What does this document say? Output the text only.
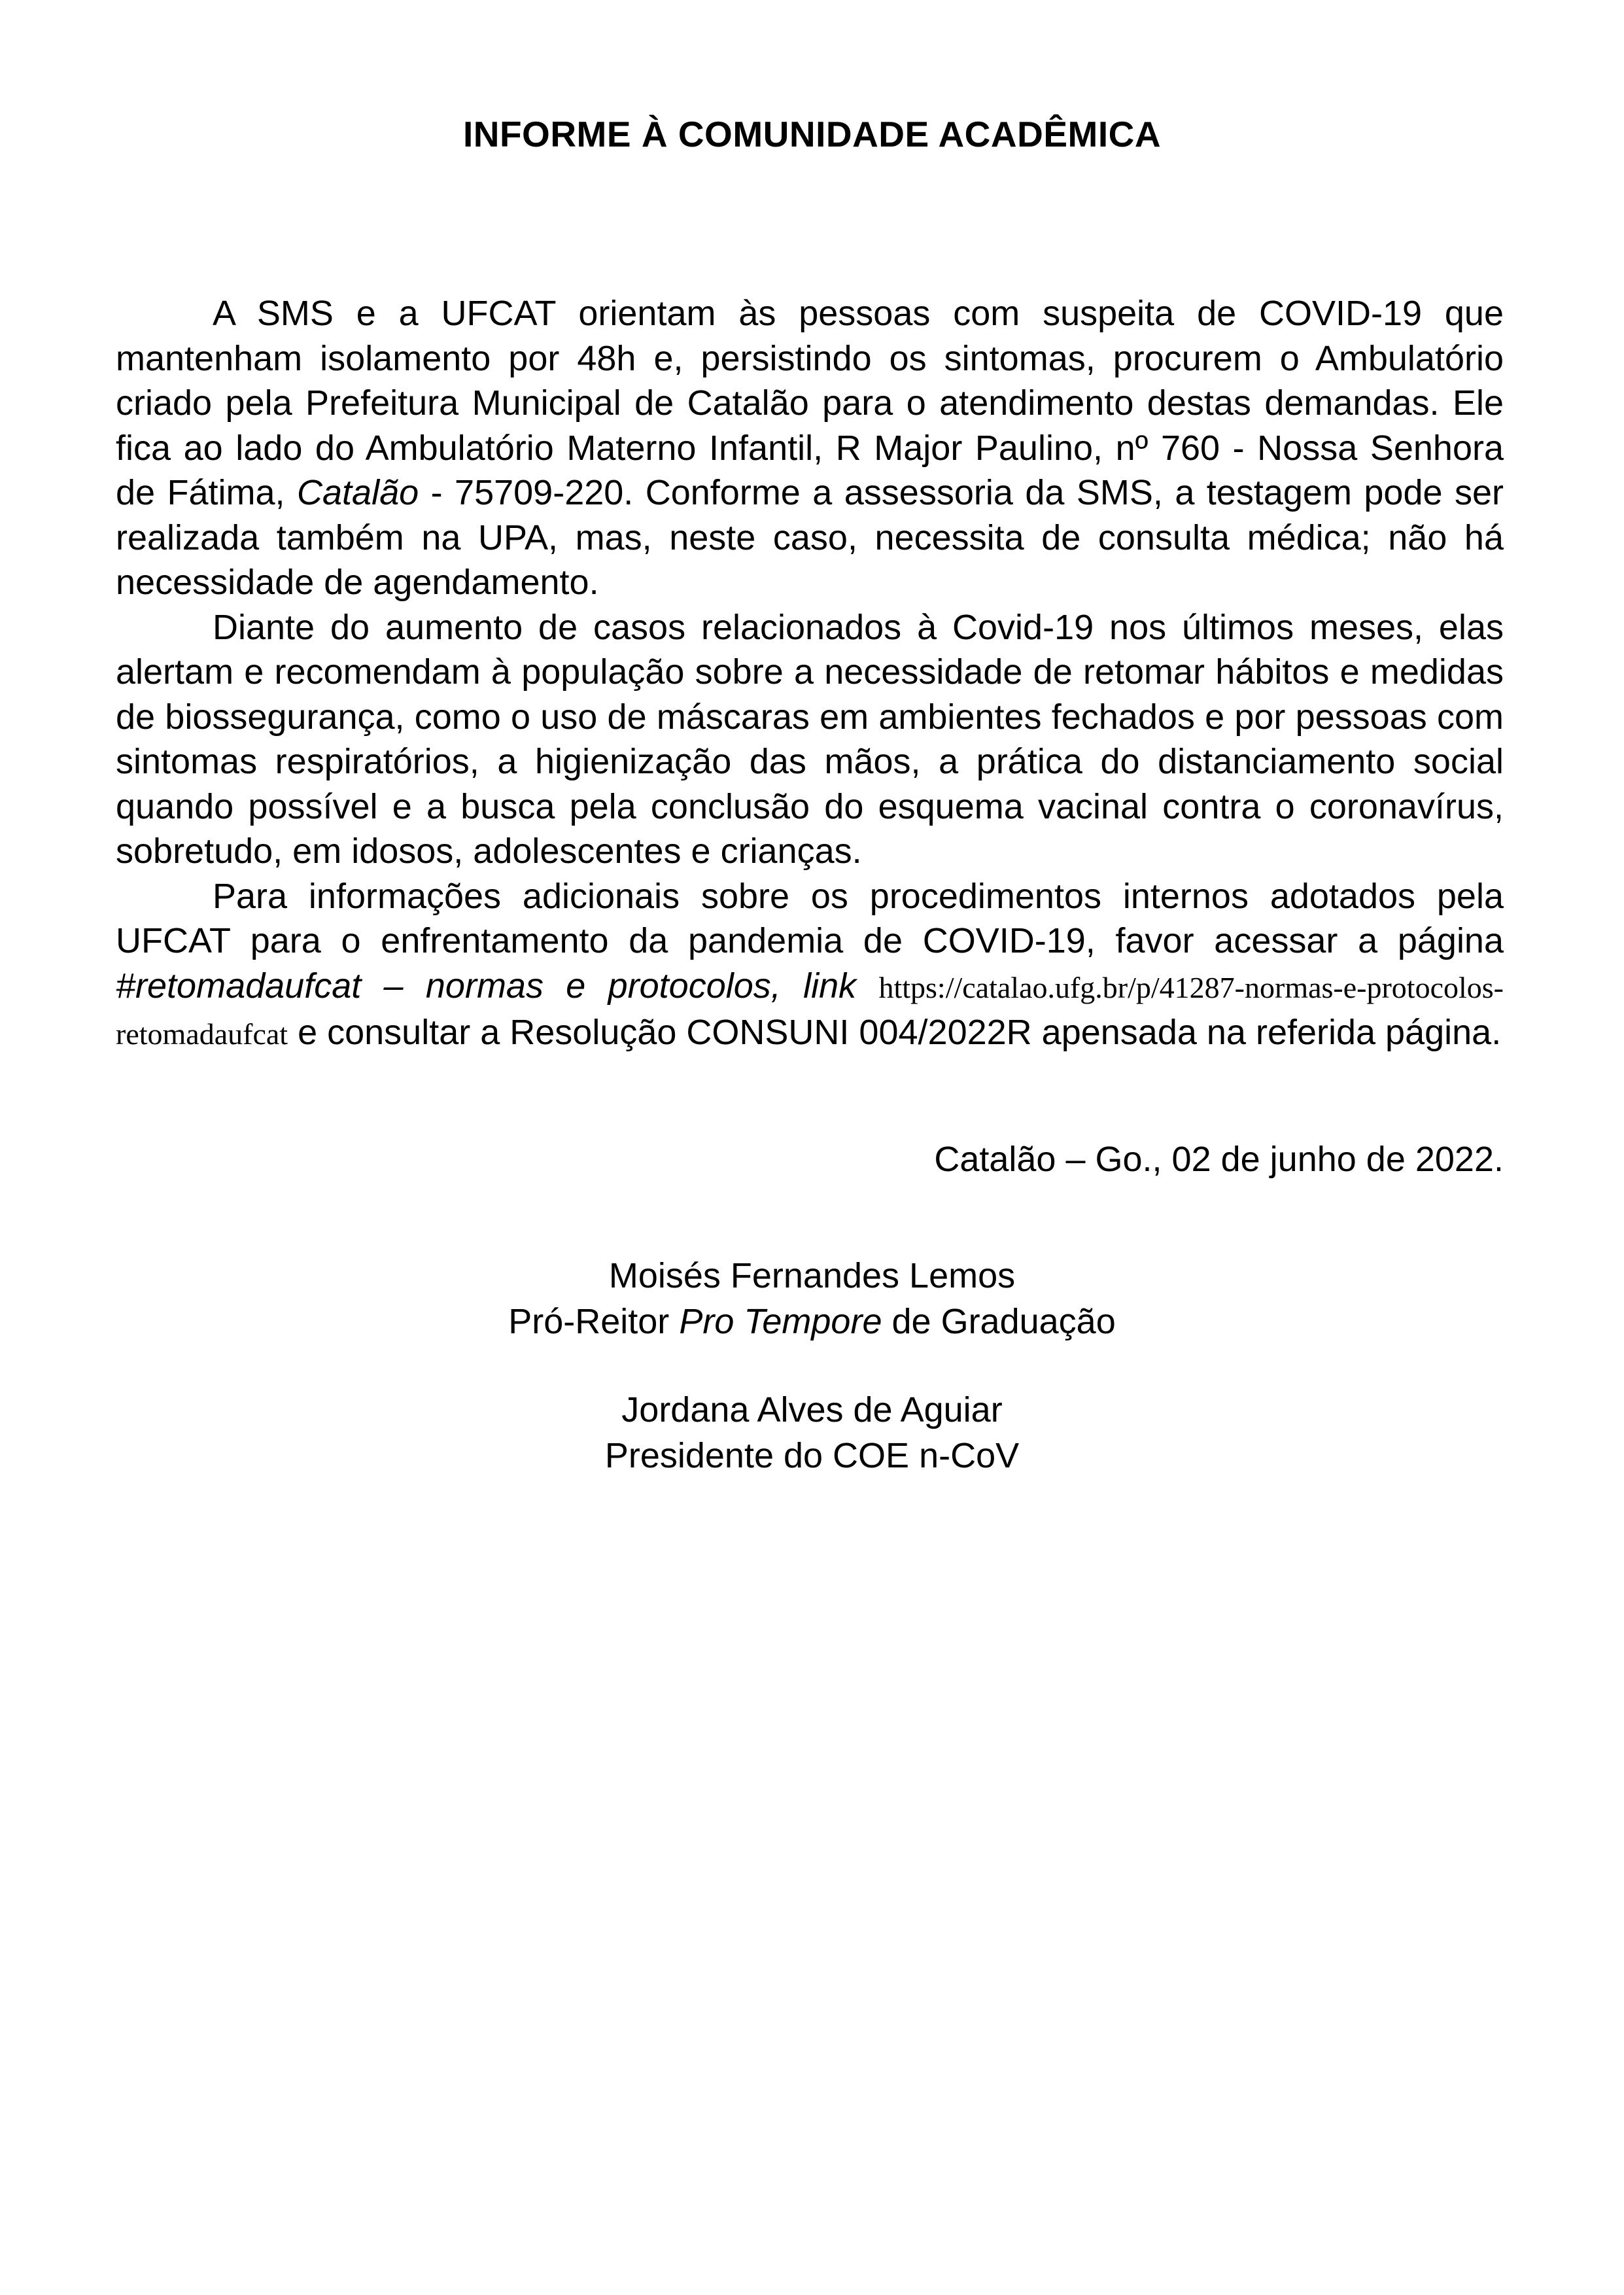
INFORME À COMUNIDADE ACADÊMICA

A SMS e a UFCAT orientam às pessoas com suspeita de COVID-19 que mantenham isolamento por 48h e, persistindo os sintomas, procurem o Ambulatório criado pela Prefeitura Municipal de Catalão para o atendimento destas demandas. Ele fica ao lado do Ambulatório Materno Infantil, R Major Paulino, nº 760 - Nossa Senhora de Fátima, Catalão - 75709-220. Conforme a assessoria da SMS, a testagem pode ser realizada também na UPA, mas, neste caso, necessita de consulta médica; não há necessidade de agendamento.

Diante do aumento de casos relacionados à Covid-19 nos últimos meses, elas alertam e recomendam à população sobre a necessidade de retomar hábitos e medidas de biossegurança, como o uso de máscaras em ambientes fechados e por pessoas com sintomas respiratórios, a higienização das mãos, a prática do distanciamento social quando possível e a busca pela conclusão do esquema vacinal contra o coronavírus, sobretudo, em idosos, adolescentes e crianças.

Para informações adicionais sobre os procedimentos internos adotados pela UFCAT para o enfrentamento da pandemia de COVID-19, favor acessar a página #retomadaufcat – normas e protocolos, link https://catalao.ufg.br/p/41287-normas-e-protocolos-retomadaufcat e consultar a Resolução CONSUNI 004/2022R apensada na referida página.

Catalão – Go., 02 de junho de 2022.
Moisés Fernandes Lemos
Pró-Reitor Pro Tempore de Graduação
Jordana Alves de Aguiar
Presidente do COE n-CoV
